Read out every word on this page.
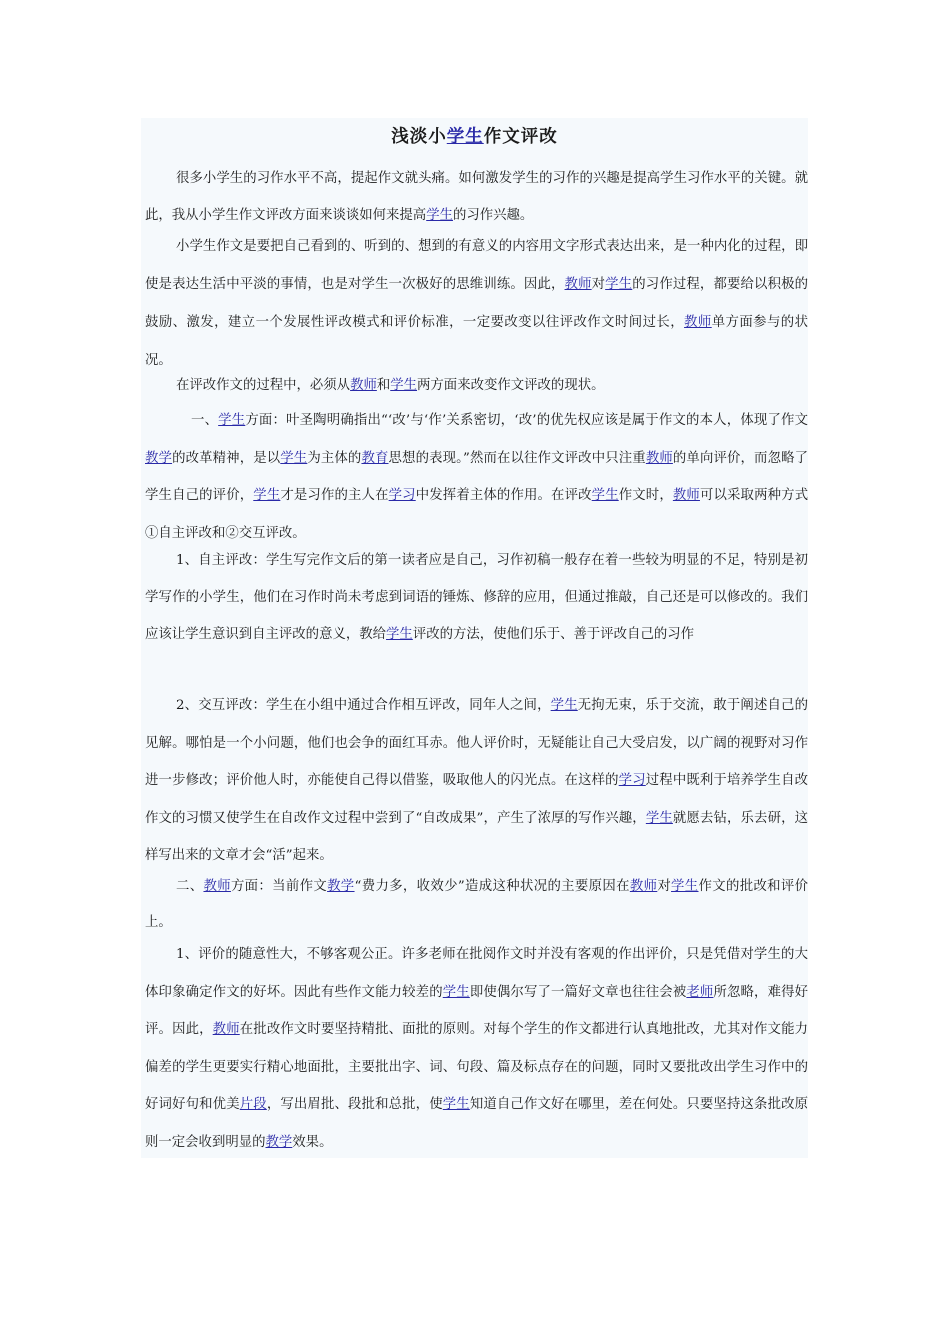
浅淡小学生作文评改

很多小学生的习作水平不高，提起作文就头痛。如何激发学生的习作的兴趣是提高学生习作水平的关键。就此，我从小学生作文评改方面来谈谈如何来提高学生的习作兴趣。

小学生作文是要把自己看到的、听到的、想到的有意义的内容用文字形式表达出来，是一种内化的过程，即使是表达生活中平淡的事情，也是对学生一次极好的思维训练。因此，教师对学生的习作过程，都要给以积极的鼓励、激发，建立一个发展性评改模式和评价标准，一定要改变以往评改作文时间过长，教师单方面参与的状况。

在评改作文的过程中，必须从教师和学生两方面来改变作文评改的现状。

一、学生方面：叶圣陶明确指出“‘改’与‘作’关系密切，‘改’的优先权应该是属于作文的本人，体现了作文教学的改革精神，是以学生为主体的教育思想的表现。”然而在以往作文评改中只注重教师的单向评价，而忽略了学生自己的评价，学生才是习作的主人在学习中发挥着主体的作用。在评改学生作文时，教师可以采取两种方式①自主评改和②交互评改。

1、自主评改：学生写完作文后的第一读者应是自己，习作初稿一般存在着一些较为明显的不足，特别是初学写作的小学生，他们在习作时尚未考虑到词语的锤炼、修辞的应用，但通过推敲，自己还是可以修改的。我们应该让学生意识到自主评改的意义，教给学生评改的方法，使他们乐于、善于评改自己的习作

2、交互评改：学生在小组中通过合作相互评改，同年人之间，学生无拘无束，乐于交流，敢于阐述自己的见解。哪怕是一个小问题，他们也会争的面红耳赤。他人评价时，无疑能让自己大受启发，以广阔的视野对习作进一步修改；评价他人时，亦能使自己得以借鉴，吸取他人的闪光点。在这样的学习过程中既利于培养学生自改作文的习惯又使学生在自改作文过程中尝到了“自改成果”，产生了浓厚的写作兴趣，学生就愿去钻，乐去研，这样写出来的文章才会“活”起来。

二、教师方面：当前作文教学“费力多，收效少”造成这种状况的主要原因在教师对学生作文的批改和评价上。

1、评价的随意性大，不够客观公正。许多老师在批阅作文时并没有客观的作出评价，只是凭借对学生的大体印象确定作文的好坏。因此有些作文能力较差的学生即使偶尔写了一篇好文章也往往会被老师所忽略，难得好评。因此，教师在批改作文时要坚持精批、面批的原则。对每个学生的作文都进行认真地批改，尤其对作文能力偏差的学生更要实行精心地面批，主要批出字、词、句段、篇及标点存在的问题，同时又要批改出学生习作中的好词好句和优美片段，写出眉批、段批和总批，使学生知道自己作文好在哪里，差在何处。只要坚持这条批改原则一定会收到明显的教学效果。
